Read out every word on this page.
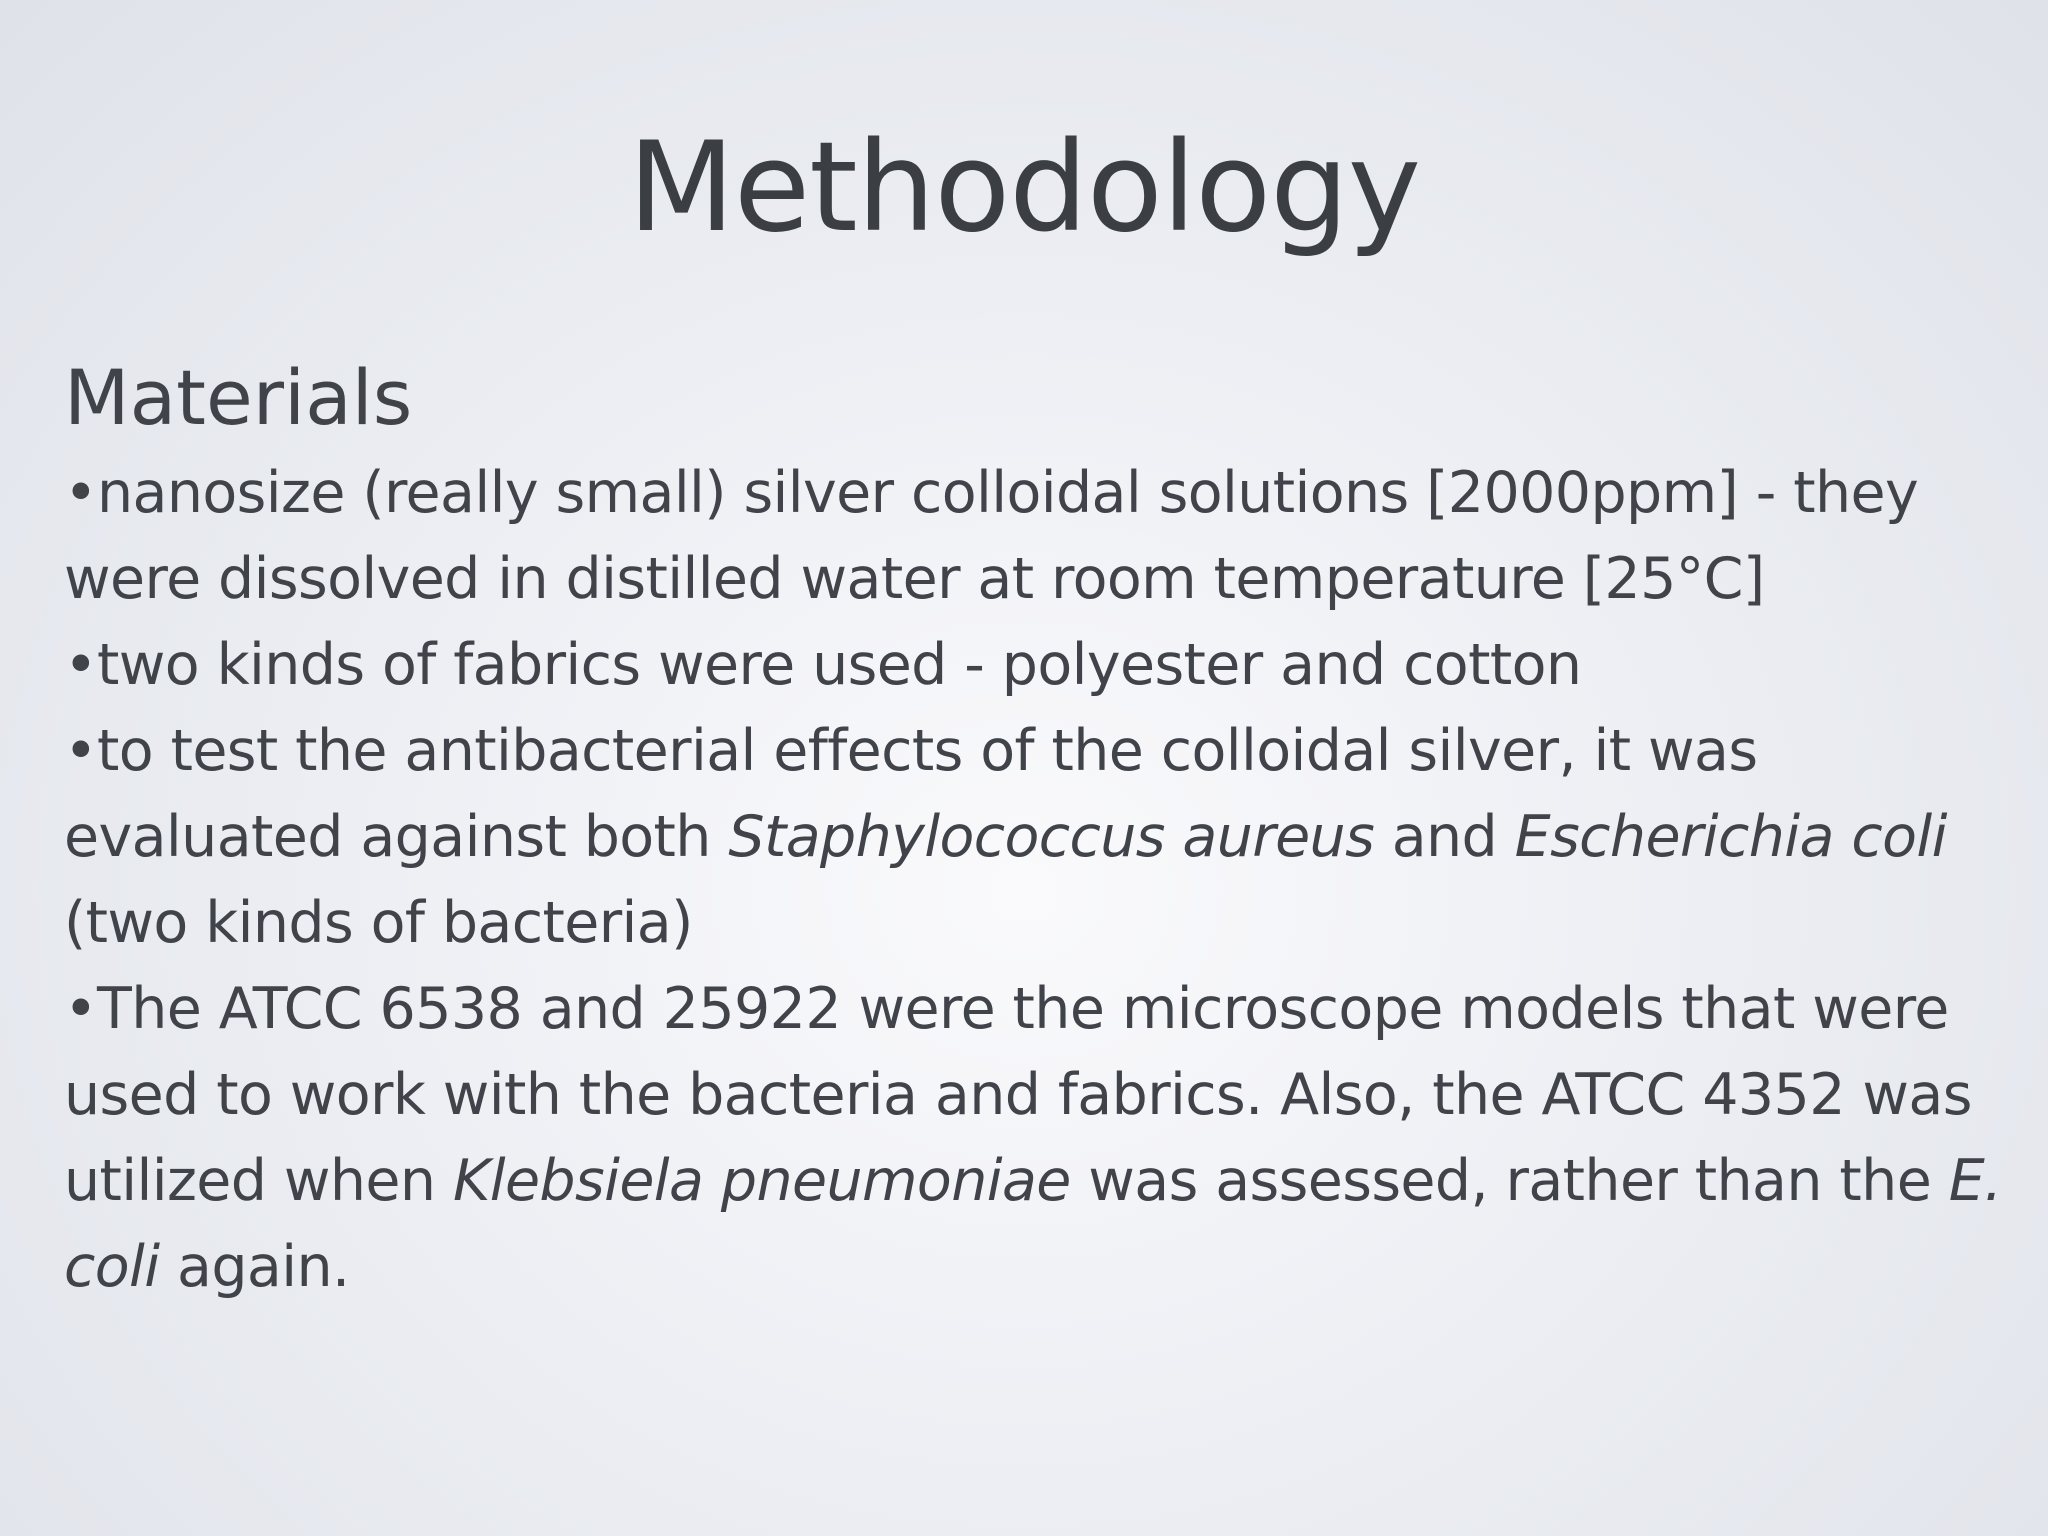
Methodology
Materials
•nanosize (really small) silver colloidal solutions [2000ppm] - they were dissolved in distilled water at room temperature [25°C]
•two kinds of fabrics were used - polyester and cotton
•to test the antibacterial effects of the colloidal silver, it was evaluated against both Staphylococcus aureus and Escherichia coli (two kinds of bacteria)
•The ATCC 6538 and 25922 were the microscope models that were used to work with the bacteria and fabrics. Also, the ATCC 4352 was utilized when Klebsiela pneumoniae was assessed, rather than the E. coli again.
